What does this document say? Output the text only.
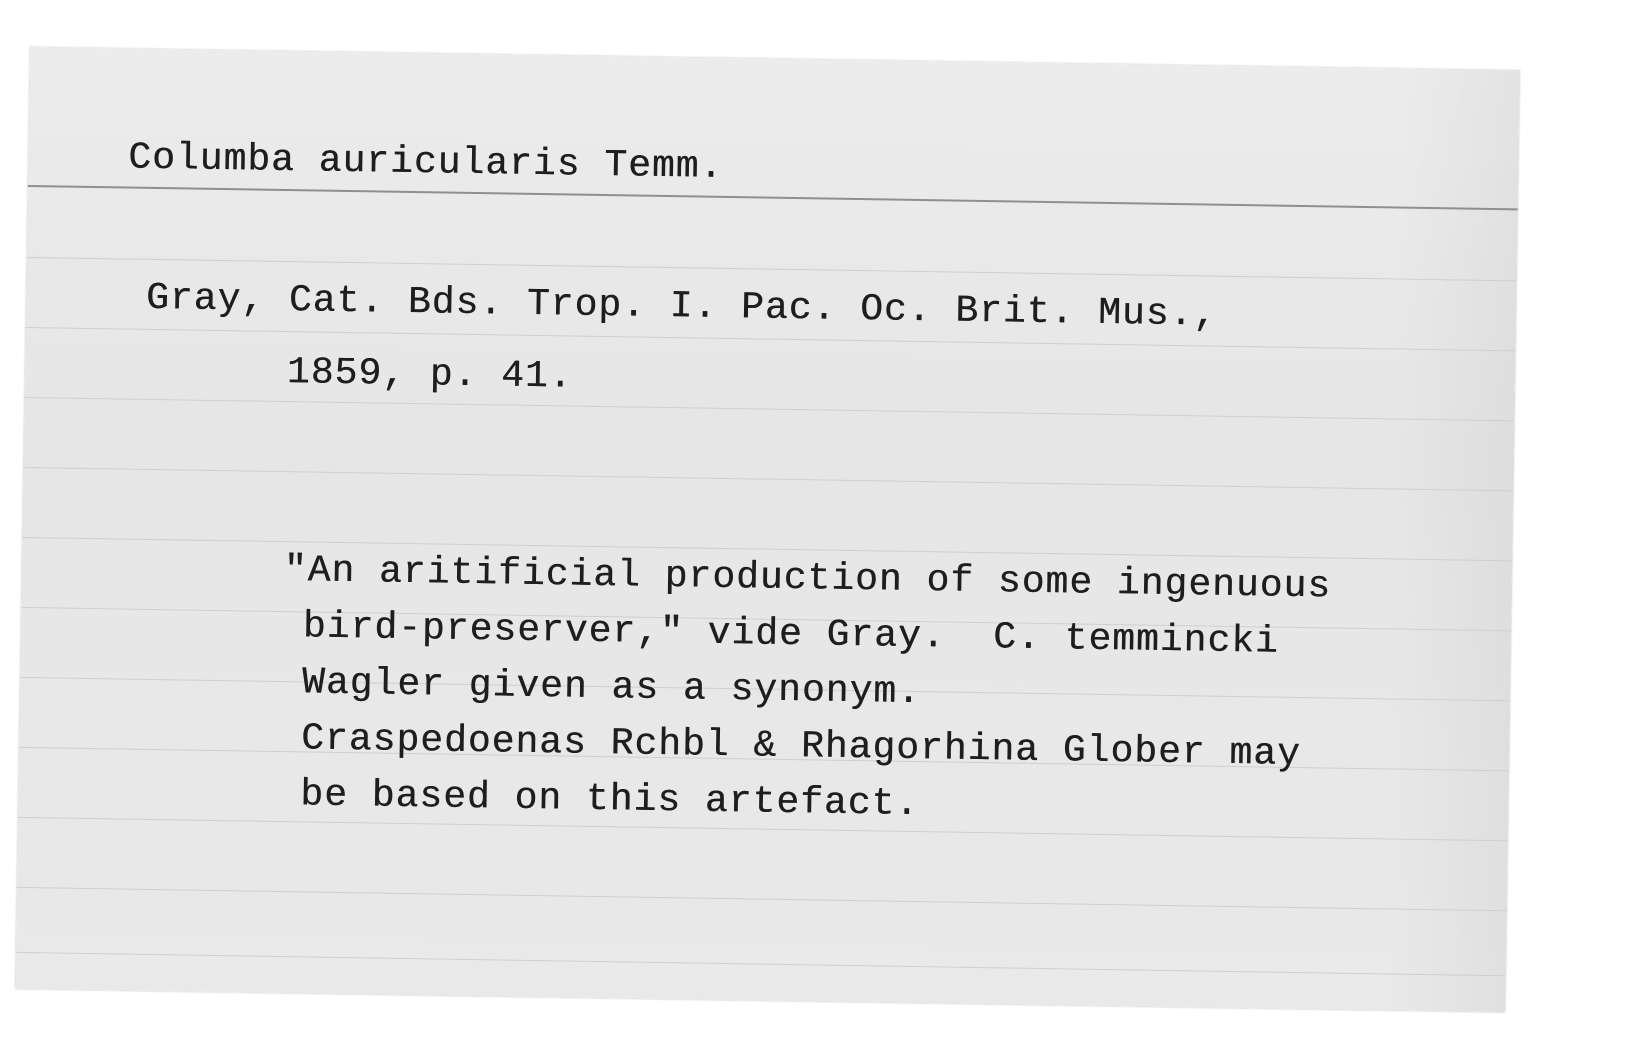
Columba auricularis Temm.

Gray, Cat. Bds. Trop. I. Pac. Oc. Brit. Mus.,

1859, p. 41.

"An aritificial production of some ingenuous

bird-preserver," vide Gray.  C. temmincki

Wagler given as a synonym.

Craspedoenas Rchbl & Rhagorhina Glober may

be based on this artefact.
